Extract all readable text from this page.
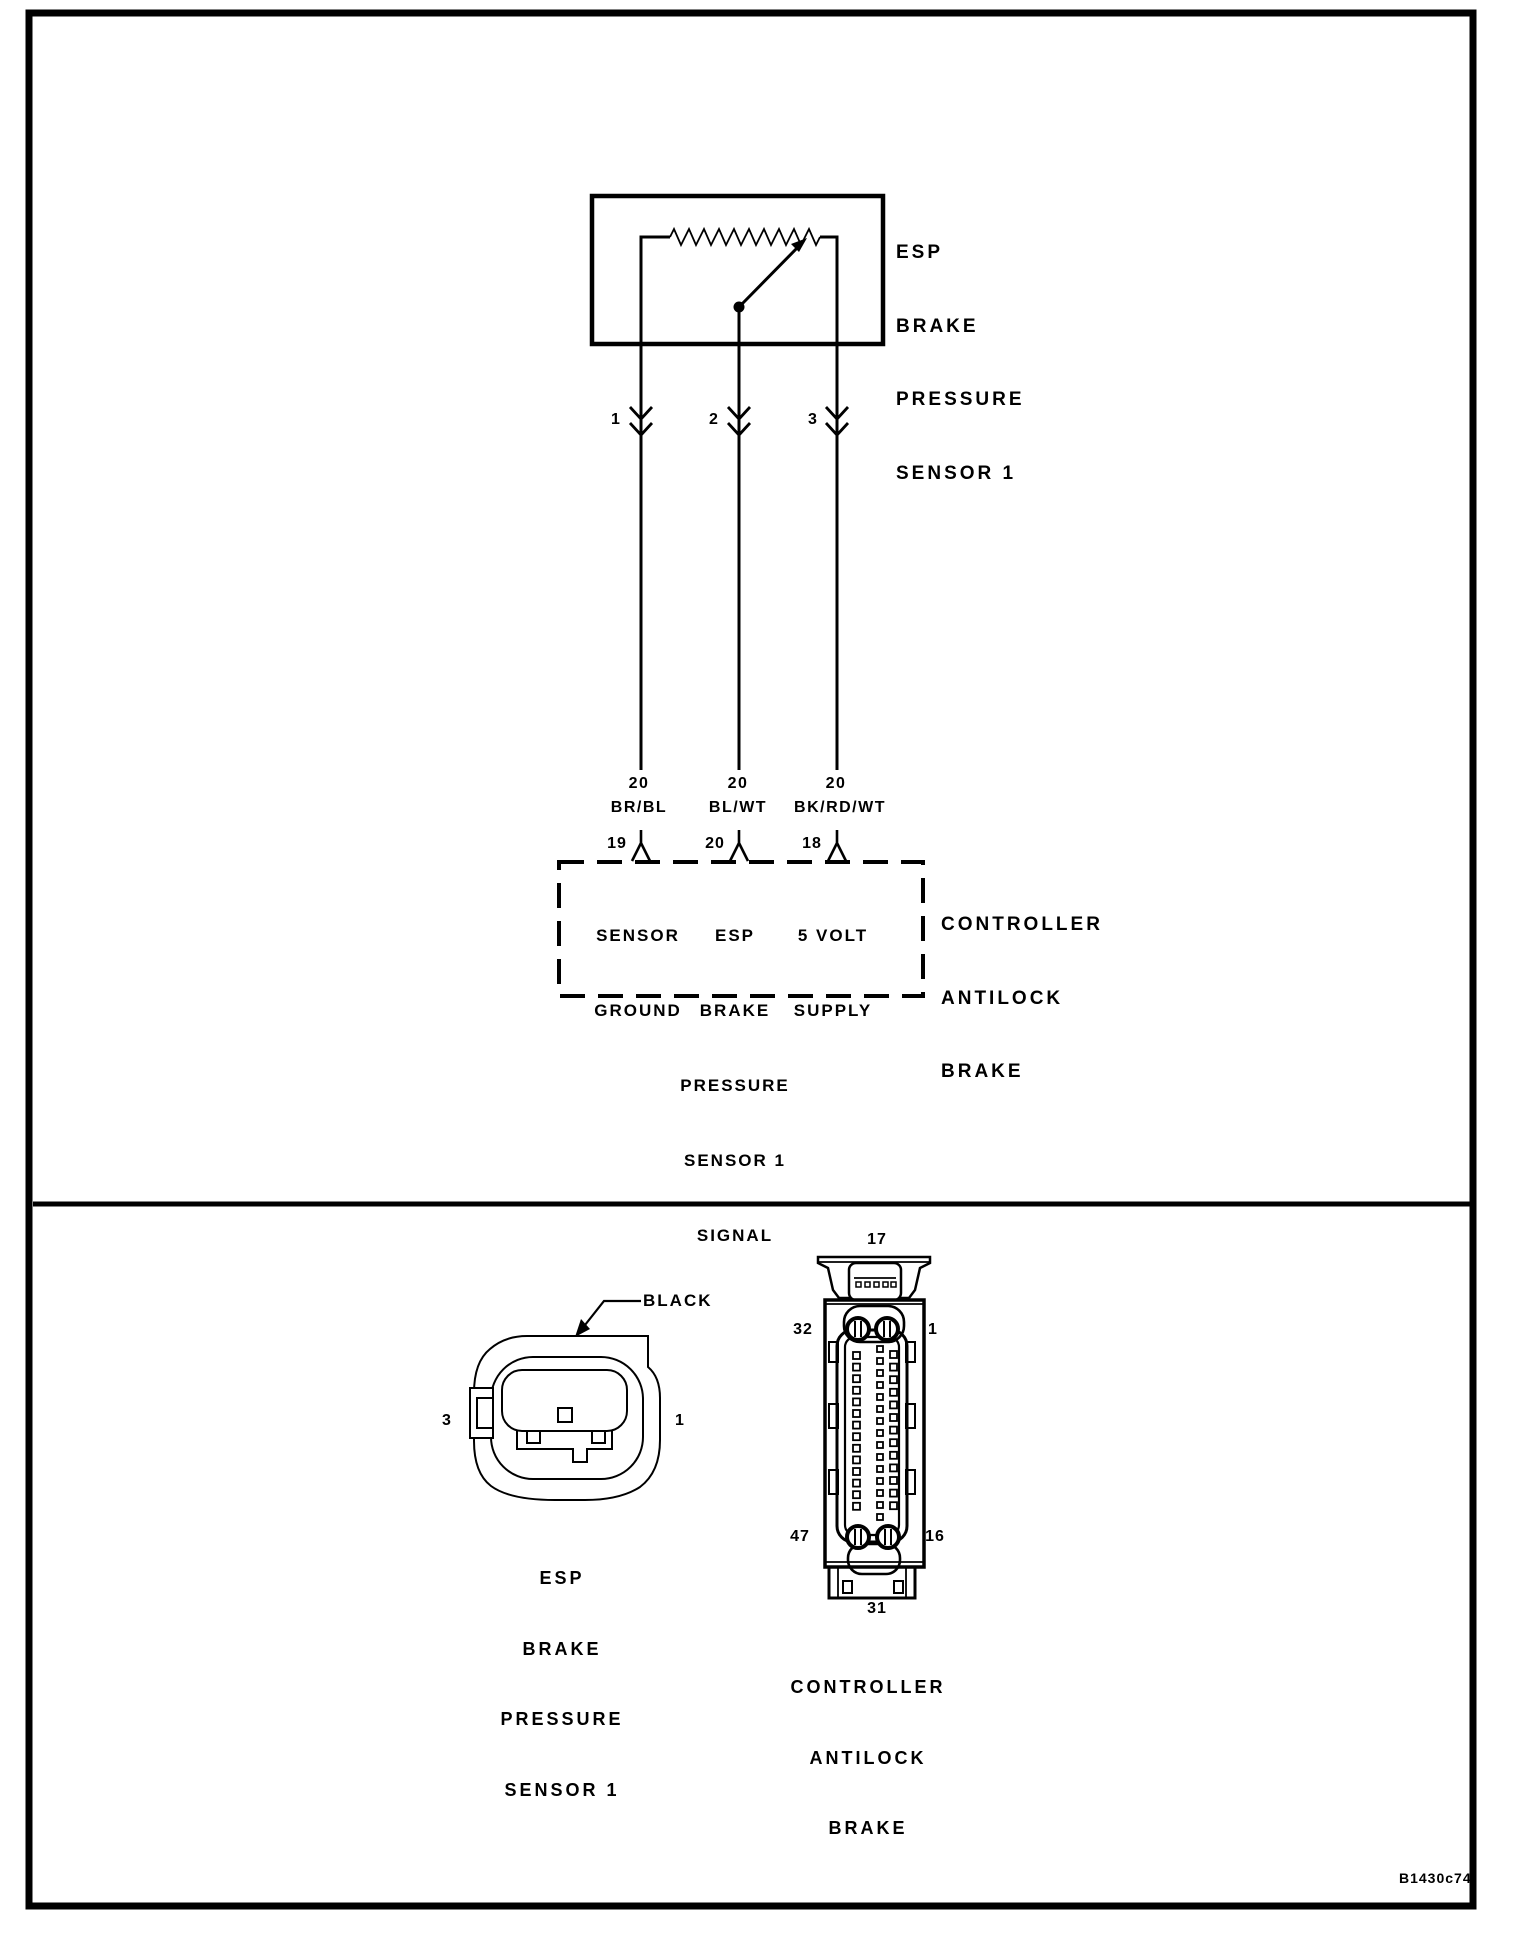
ESP

BRAKE

PRESSURE

SENSOR 1

1	2	3
20	20	20
BR/BL	BL/WT BK/RD/WT
19	20	18

SENSOR

GROUND

ESP

BRAKE

PRESSURE

SENSOR 1

SIGNAL

5 VOLT

SUPPLY

CONTROLLER

ANTILOCK

BRAKE

BLACK
3	1

ESP

BRAKE

PRESSURE

SENSOR 1

17
32	1
47	16
31

CONTROLLER

ANTILOCK

BRAKE

B1430c74
